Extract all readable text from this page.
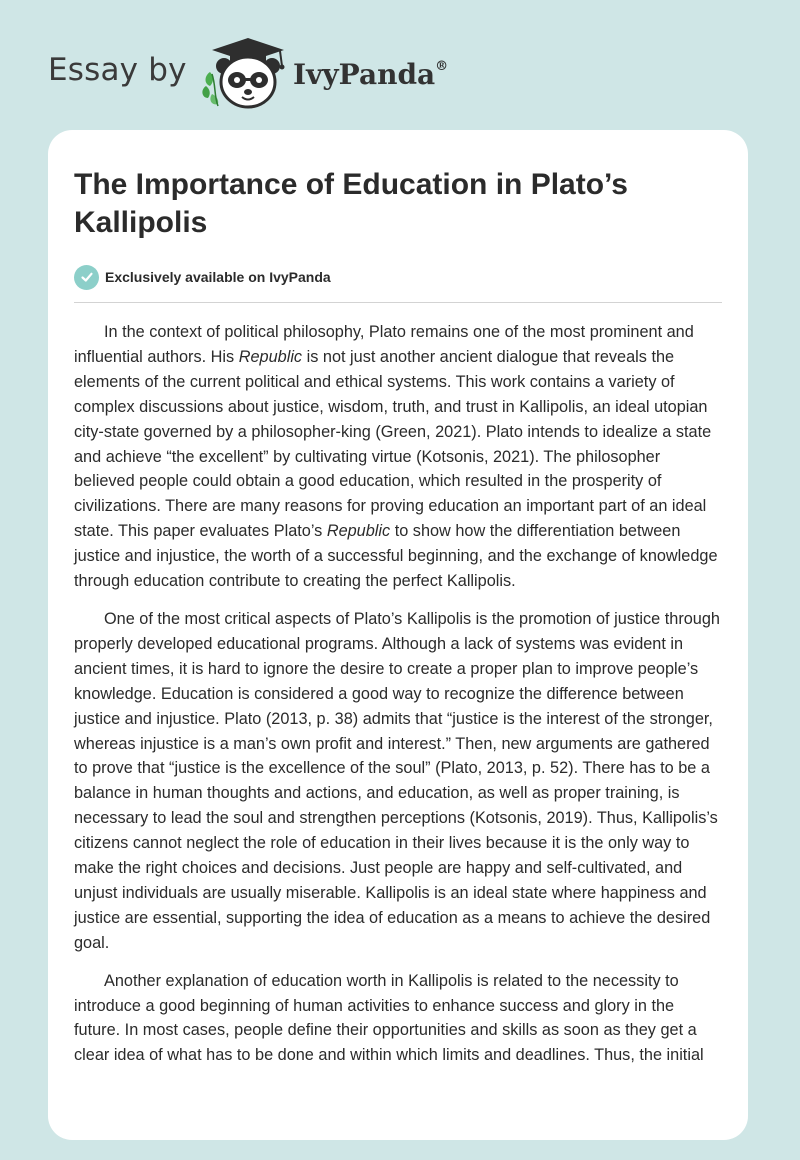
Essay by	IvyPanda®
The Importance of Education in Plato’s Kallipolis
Exclusively available on IvyPanda

In the context of political philosophy, Plato remains one of the most prominent and influential authors. His Republic is not just another ancient dialogue that reveals the elements of the current political and ethical systems. This work contains a variety of complex discussions about justice, wisdom, truth, and trust in Kallipolis, an ideal utopian city-state governed by a philosopher-king (Green, 2021). Plato intends to idealize a state and achieve “the excellent” by cultivating virtue (Kotsonis, 2021). The philosopher believed people could obtain a good education, which resulted in the prosperity of civilizations. There are many reasons for proving education an important part of an ideal state. This paper evaluates Plato’s Republic to show how the differentiation between justice and injustice, the worth of a successful beginning, and the exchange of knowledge through education contribute to creating the perfect Kallipolis.

One of the most critical aspects of Plato’s Kallipolis is the promotion of justice through properly developed educational programs. Although a lack of systems was evident in ancient times, it is hard to ignore the desire to create a proper plan to improve people’s knowledge. Education is considered a good way to recognize the difference between justice and injustice. Plato (2013, p. 38) admits that “justice is the interest of the stronger, whereas injustice is a man’s own profit and interest.” Then, new arguments are gathered to prove that “justice is the excellence of the soul” (Plato, 2013, p. 52). There has to be a balance in human thoughts and actions, and education, as well as proper training, is necessary to lead the soul and strengthen perceptions (Kotsonis, 2019). Thus, Kallipolis’s citizens cannot neglect the role of education in their lives because it is the only way to make the right choices and decisions. Just people are happy and self-cultivated, and unjust individuals are usually miserable. Kallipolis is an ideal state where happiness and justice are essential, supporting the idea of education as a means to achieve the desired goal.

Another explanation of education worth in Kallipolis is related to the necessity to introduce a good beginning of human activities to enhance success and glory in the future. In most cases, people define their opportunities and skills as soon as they get a clear idea of what has to be done and within which limits and deadlines. Thus, the initial
